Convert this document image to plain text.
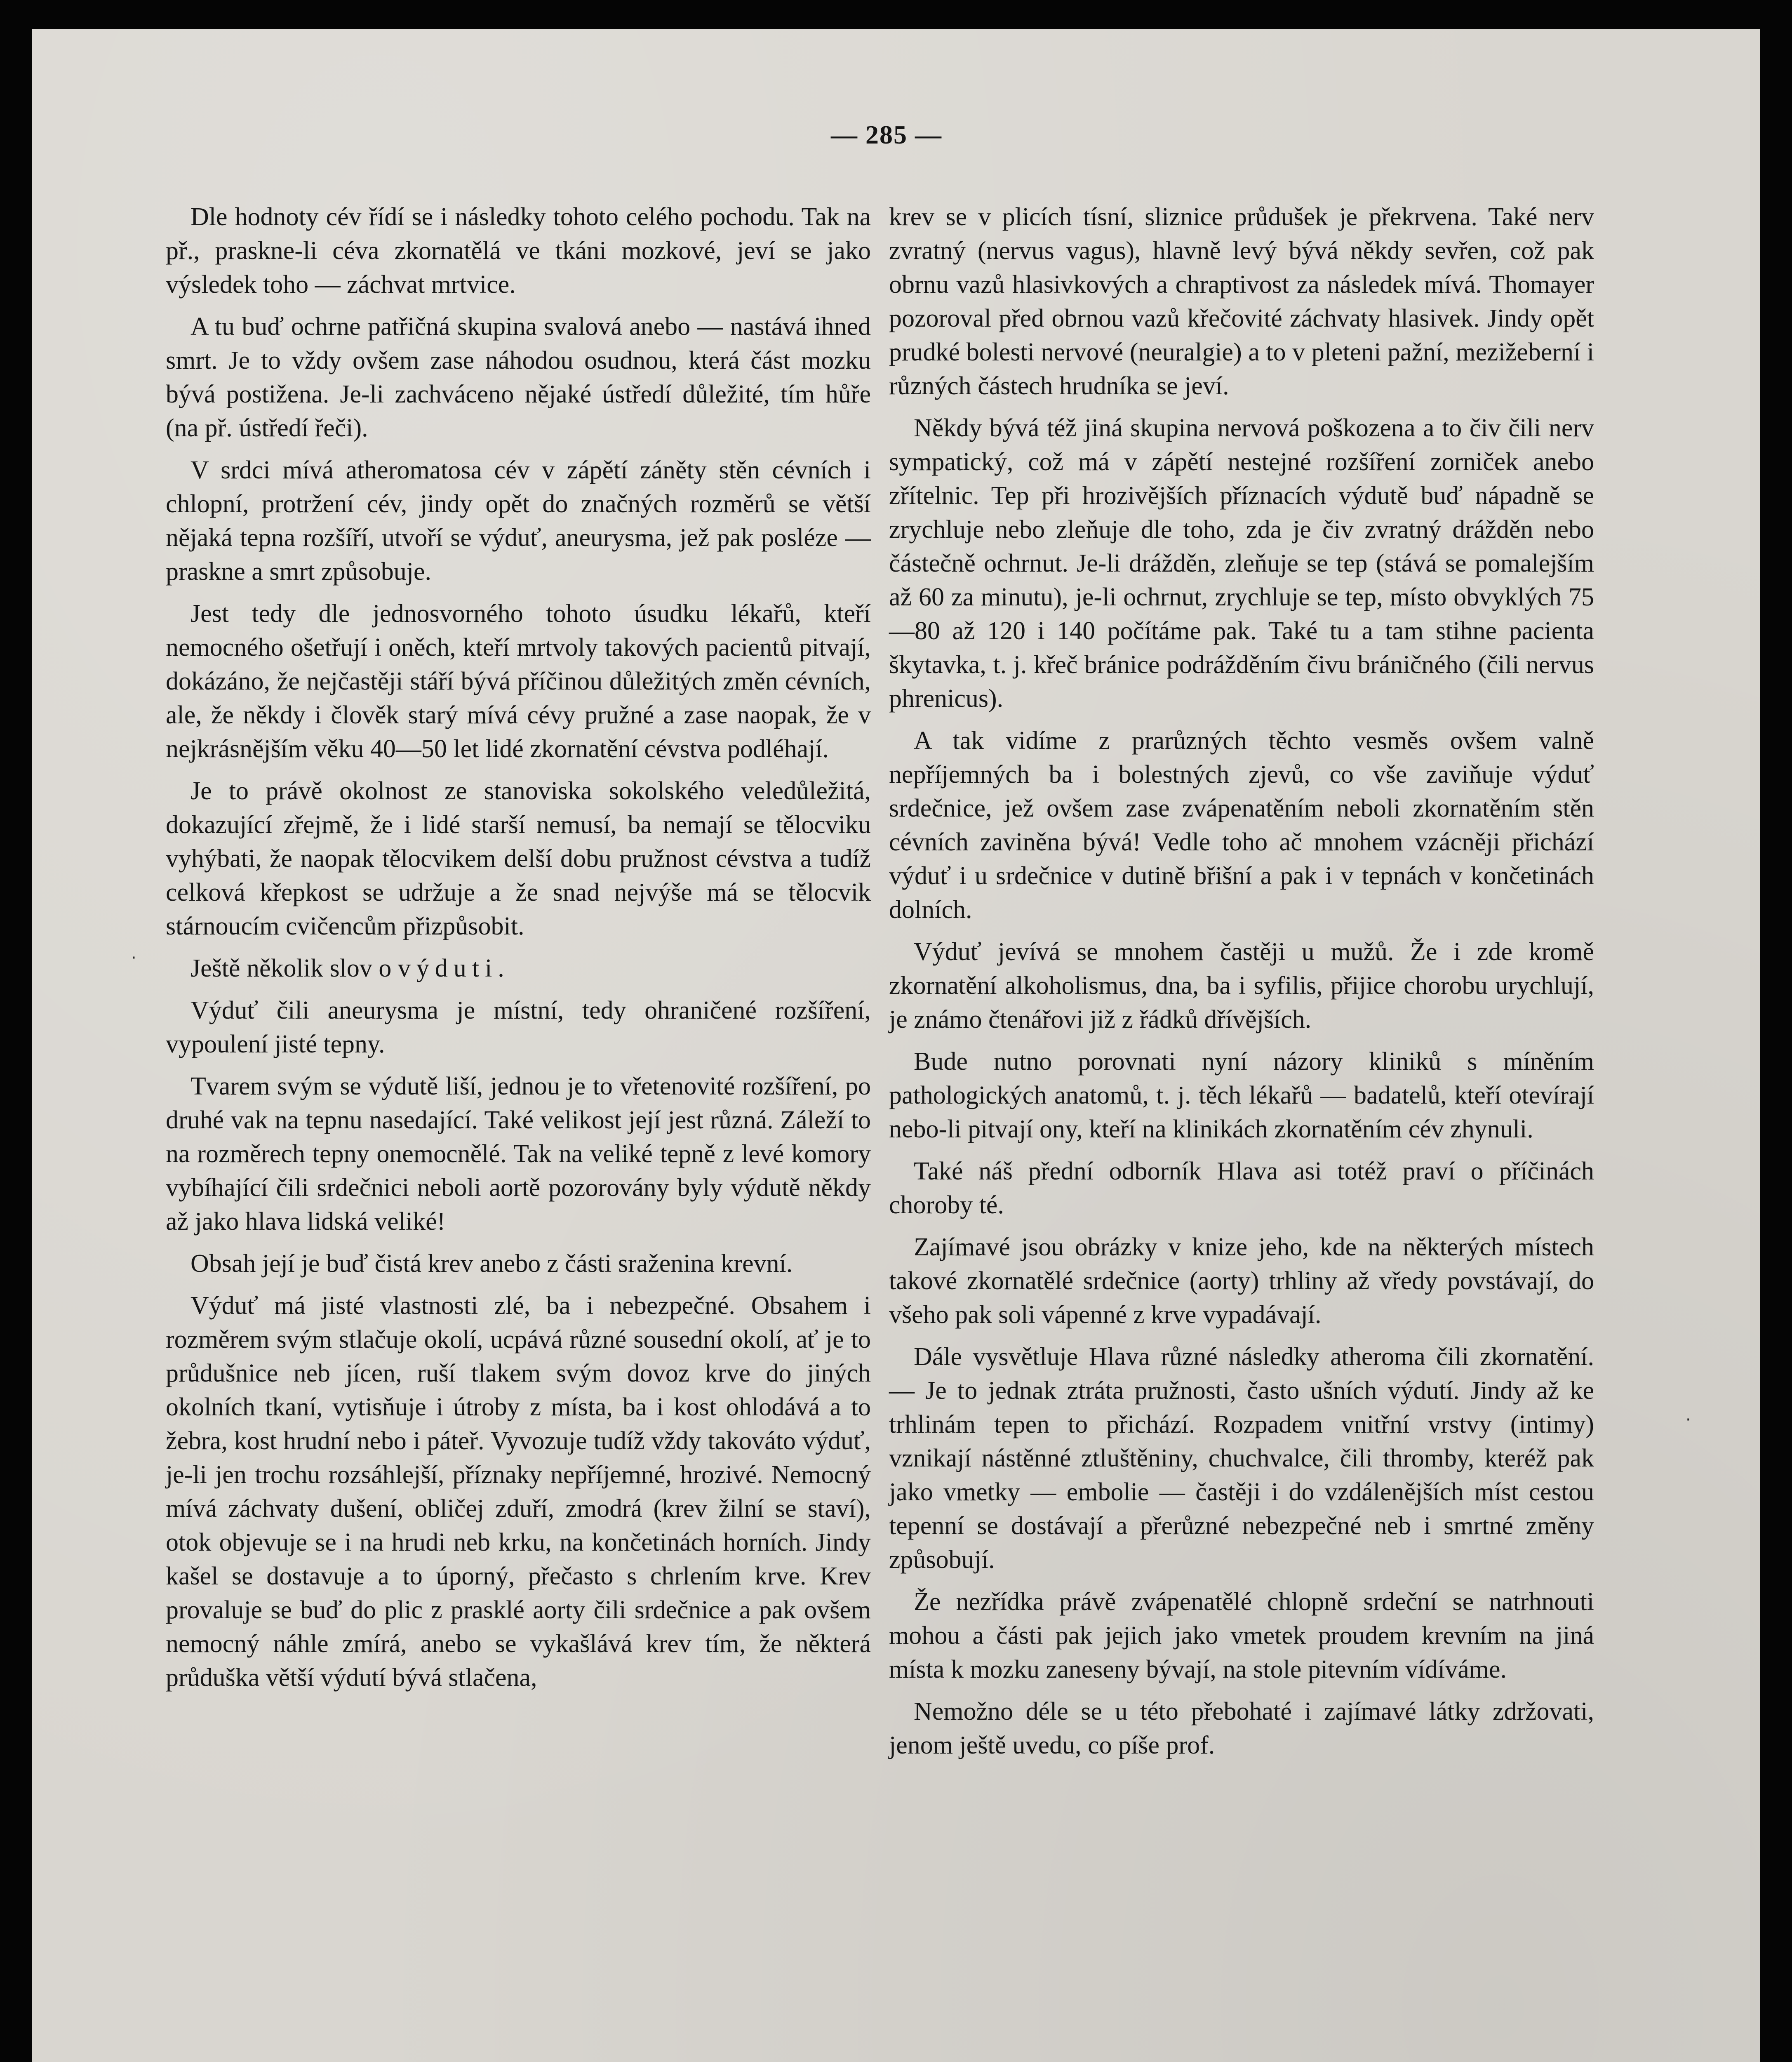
— 285 —

Dle hodnoty cév řídí se i následky tohoto celého pochodu. Tak na př., praskne-li céva zkornatělá ve tkáni mozkové, jeví se jako výsledek toho — záchvat mrtvice.

A tu buď ochrne patřičná skupina svalová anebo — nastává ihned smrt. Je to vždy ovšem zase náhodou osudnou, která část mozku bývá postižena. Je-li zachváceno nějaké ústředí důležité, tím hůře (na př. ústředí řeči).

V srdci mívá atheromatosa cév v zápětí záněty stěn cévních i chlopní, protržení cév, jindy opět do značných rozměrů se větší nějaká tepna rozšíří, utvoří se výduť, aneurysma, jež pak posléze — praskne a smrt způsobuje.

Jest tedy dle jednosvorného tohoto úsudku lékařů, kteří nemocného ošetřují i oněch, kteří mrtvoly takových pacientů pitvají, dokázáno, že nejčastěji stáří bývá příčinou důležitých změn cévních, ale, že někdy i člověk starý mívá cévy pružné a zase naopak, že v nejkrásnějším věku 40—50 let lidé zkornatění cévstva podléhají.

Je to právě okolnost ze stanoviska sokolského veledůležitá, dokazující zřejmě, že i lidé starší nemusí, ba nemají se tělocviku vyhýbati, že naopak tělocvikem delší dobu pružnost cévstva a tudíž celková křepkost se udržuje a že snad nejvýše má se tělocvik stárnoucím cvičencům přizpůsobit.

Ještě několik slov o výduti.

Výduť čili aneurysma je místní, tedy ohraničené rozšíření, vypoulení jisté tepny.

Tvarem svým se výdutě liší, jednou je to vřetenovité rozšíření, po druhé vak na tepnu nasedající. Také velikost její jest různá. Záleží to na rozměrech tepny onemocnělé. Tak na veliké tepně z levé komory vybíhající čili srdečnici neboli aortě pozorovány byly výdutě někdy až jako hlava lidská veliké!

Obsah její je buď čistá krev anebo z části sraženina krevní.

Výduť má jisté vlastnosti zlé, ba i nebezpečné. Obsahem i rozměrem svým stlačuje okolí, ucpává různé sousední okolí, ať je to průdušnice neb jícen, ruší tlakem svým dovoz krve do jiných okolních tkaní, vytisňuje i útroby z místa, ba i kost ohlodává a to žebra, kost hrudní nebo i páteř. Vyvozuje tudíž vždy takováto výduť, je-li jen trochu rozsáhlejší, příznaky nepříjemné, hrozivé. Nemocný mívá záchvaty dušení, obličej zduří, zmodrá (krev žilní se staví), otok objevuje se i na hrudi neb krku, na končetinách horních. Jindy kašel se dostavuje a to úporný, přečasto s chrlením krve. Krev provaluje se buď do plic z prasklé aorty čili srdečnice a pak ovšem nemocný náhle zmírá, anebo se vykašlává krev tím, že některá průduška větší výdutí bývá stlačena,

krev se v plicích tísní, sliznice průdušek je překrvena. Také nerv zvratný (nervus vagus), hlavně levý bývá někdy sevřen, což pak obrnu vazů hlasivkových a chraptivost za následek mívá. Thomayer pozoroval před obrnou vazů křečovité záchvaty hlasivek. Jindy opět prudké bolesti nervové (neuralgie) a to v pleteni pažní, mezižeberní i různých částech hrudníka se jeví.

Někdy bývá též jiná skupina nervová poškozena a to čiv čili nerv sympatický, což má v zápětí nestejné rozšíření zorniček anebo zřítelnic. Tep při hrozivějších příznacích výdutě buď nápadně se zrychluje nebo zleňuje dle toho, zda je čiv zvratný drážděn nebo částečně ochrnut. Je-li drážděn, zleňuje se tep (stává se pomalejším až 60 za minutu), je-li ochrnut, zrychluje se tep, místo obvyklých 75—80 až 120 i 140 počítáme pak. Také tu a tam stihne pacienta škytavka, t. j. křeč bránice podrážděním čivu bráničného (čili nervus phrenicus).

A tak vidíme z prarůzných těchto vesměs ovšem valně nepříjemných ba i bolestných zjevů, co vše zaviňuje výduť srdečnice, jež ovšem zase zvápenatěním neboli zkornatěním stěn cévních zaviněna bývá! Vedle toho ač mnohem vzácněji přichází výduť i u srdečnice v dutině břišní a pak i v tepnách v končetinách dolních.

Výduť jevívá se mnohem častěji u mužů. Že i zde kromě zkornatění alkoholismus, dna, ba i syfilis, přijice chorobu urychlují, je známo čtenářovi již z řádků dřívějších.

Bude nutno porovnati nyní názory kliniků s míněním pathologických anatomů, t. j. těch lékařů — badatelů, kteří otevírají nebo-li pitvají ony, kteří na klinikách zkornatěním cév zhynuli.

Také náš přední odborník Hlava asi totéž praví o příčinách choroby té.

Zajímavé jsou obrázky v knize jeho, kde na některých místech takové zkornatělé srdečnice (aorty) trhliny až vředy povstávají, do všeho pak soli vápenné z krve vypadávají.

Dále vysvětluje Hlava různé následky atheroma čili zkornatění. — Je to jednak ztráta pružnosti, často ušních výdutí. Jindy až ke trhlinám tepen to přichází. Rozpadem vnitřní vrstvy (intimy) vznikají nástěnné ztluštěniny, chuchvalce, čili thromby, kteréž pak jako vmetky — embolie — častěji i do vzdálenějších míst cestou tepenní se dostávají a přerůzné nebezpečné neb i smrtné změny způsobují.

Že nezřídka právě zvápenatělé chlopně srdeční se natrhnouti mohou a části pak jejich jako vmetek proudem krevním na jiná místa k mozku zaneseny bývají, na stole pitevním vídíváme.

Nemožno déle se u této přebohaté i zajímavé látky zdržovati, jenom ještě uvedu, co píše prof.

·
·
